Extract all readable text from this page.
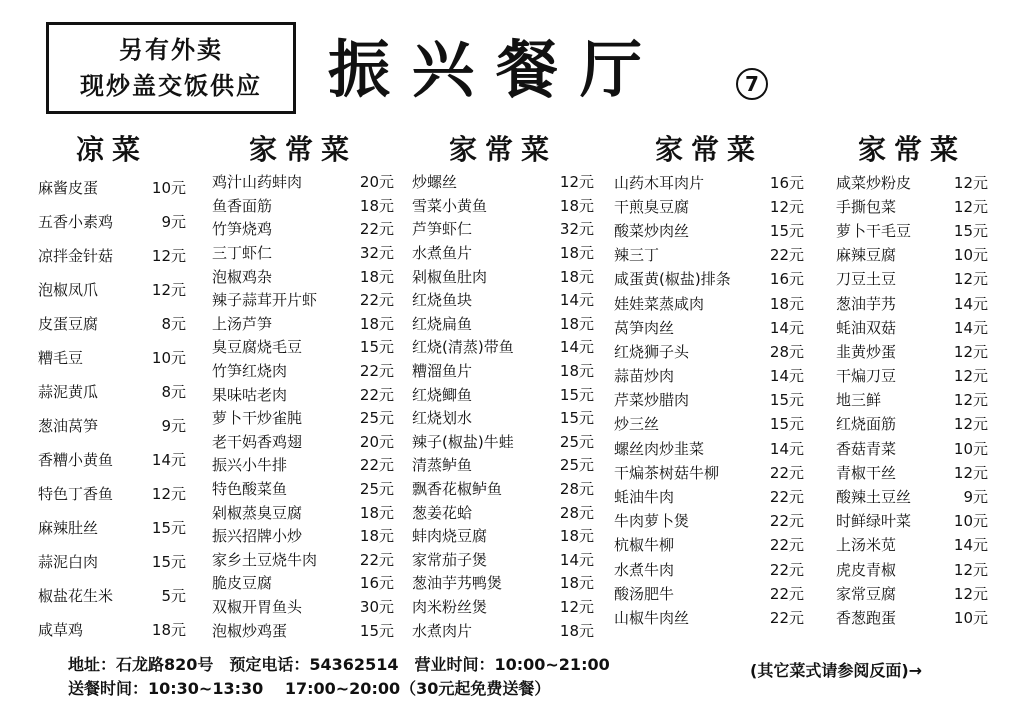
另有外卖
现炒盖交饭供应 振兴餐厅	7
凉菜
麻酱皮蛋	10元
五香小素鸡	9元
凉拌金针菇	12元
泡椒凤爪	12元
皮蛋豆腐	8元
糟毛豆	10元
蒜泥黄瓜	8元
葱油莴笋	9元
香糟小黄鱼	14元
特色丁香鱼	12元
麻辣肚丝	15元
蒜泥白肉	15元
椒盐花生米	5元
咸草鸡	18元
家常菜
鸡汁山药蚌肉	20元
鱼香面筋	18元
竹笋烧鸡	22元
三丁虾仁	32元
泡椒鸡杂	18元
辣子蒜茸开片虾	22元
上汤芦笋	18元
臭豆腐烧毛豆	15元
竹笋红烧肉	22元
果味咕老肉	22元
萝卜干炒雀肫	25元
老干妈香鸡翅	20元
振兴小牛排	22元
特色酸菜鱼	25元
剁椒蒸臭豆腐	18元
振兴招牌小炒	18元
家乡土豆烧牛肉	22元
脆皮豆腐	16元
双椒开胃鱼头	30元
泡椒炒鸡蛋	15元
家常菜
炒螺丝	12元
雪菜小黄鱼	18元
芦笋虾仁	32元
水煮鱼片	18元
剁椒鱼肚肉	18元
红烧鱼块	14元
红烧扁鱼	18元
红烧(清蒸)带鱼	14元
糟溜鱼片	18元
红烧鲫鱼	15元
红烧划水	15元
辣子(椒盐)牛蛙	25元
清蒸鲈鱼	25元
飘香花椒鲈鱼	28元
葱姜花蛤	28元
蚌肉烧豆腐	18元
家常茄子煲	14元
葱油芋艿鸭煲	18元
肉米粉丝煲	12元
水煮肉片	18元
家常菜
山药木耳肉片	16元
干煎臭豆腐	12元
酸菜炒肉丝	15元
辣三丁	22元
咸蛋黄(椒盐)排条	16元
娃娃菜蒸咸肉	18元
莴笋肉丝	14元
红烧狮子头	28元
蒜苗炒肉	14元
芹菜炒腊肉	15元
炒三丝	15元
螺丝肉炒韭菜	14元
干煸茶树菇牛柳	22元
蚝油牛肉	22元
牛肉萝卜煲	22元
杭椒牛柳	22元
水煮牛肉	22元
酸汤肥牛	22元
山椒牛肉丝	22元
家常菜
咸菜炒粉皮	12元
手撕包菜	12元
萝卜干毛豆	15元
麻辣豆腐	10元
刀豆土豆	12元
葱油芋艿	14元
蚝油双菇	14元
韭黄炒蛋	12元
干煸刀豆	12元
地三鲜	12元
红烧面筋	12元
香菇青菜	10元
青椒干丝	12元
酸辣土豆丝	9元
时鲜绿叶菜	10元
上汤米苋	14元
虎皮青椒	12元
家常豆腐	12元
香葱跑蛋	10元
地址：石龙路820号　预定电话：54362514　营业时间：10:00~21:00
送餐时间：10:30~13:30　 17:00~20:00（30元起免费送餐）
(其它菜式请参阅反面)→
